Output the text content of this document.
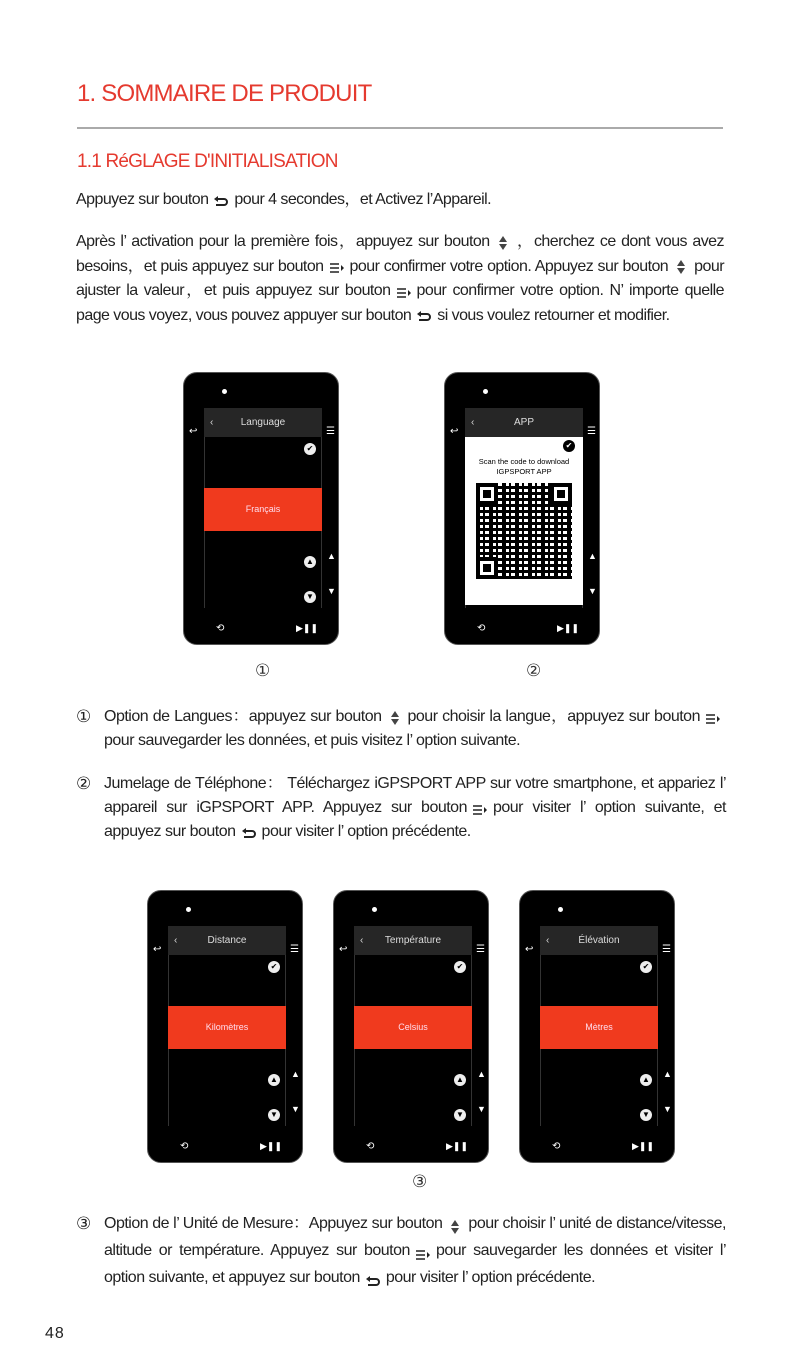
1. SOMMAIRE DE PRODUIT
1.1 RéGLAGE D'INITIALISATION
Appuyez sur bouton pour 4 secondes，et Activez l’Appareil.
Après l’ activation pour la première fois，appuyez sur bouton ，cherchez ce dont vous avez besoins，et puis appuyez sur bouton pour confirmer votre option. Appuyez sur bouton pour ajuster la valeur，et puis appuyez sur bouton pour confirmer votre option. N’ importe quelle page vous voyez, vous pouvez appuyer sur bouton si vous voulez retourner et modifier.
‹	Language
✔
Français
▲
▼
↩	☰
▲
▼
⟲	▶❚❚
‹	APP
Scan the code to download IGPSPORT APP
✔
↩	☰
▲
▼
⟲	▶❚❚
‹	Distance
✔
Kilomètres
▲
▼
↩	☰
▲
▼
⟲	▶❚❚
‹ Température
✔
Celsius
▲
▼
↩	☰
▲
▼
⟲	▶❚❚
‹	Élévation
✔
Mètres
▲
▼
↩	☰
▲
▼
⟲	▶❚❚
①	②
③
① Option de Langues：appuyez sur bouton pour choisir la langue，appuyez sur boutonpour sauvegarder les données, et puis visitez l’ option suivante.
② Jumelage de Téléphone： Téléchargez iGPSPORT APP sur votre smartphone, et appariez l’ appareil sur iGPSPORT APP. Appuyez sur bouton pour visiter l’ option suivante, et appuyez sur bouton pour visiter l’ option précédente.
③ Option de l’ Unité de Mesure：Appuyez sur bouton pour choisir l’ unité de distance/vitesse, altitude or température. Appuyez sur bouton pour sauvegarder les données et visiter l’ option suivante, et appuyez sur bouton pour visiter l’ option précédente.
48
